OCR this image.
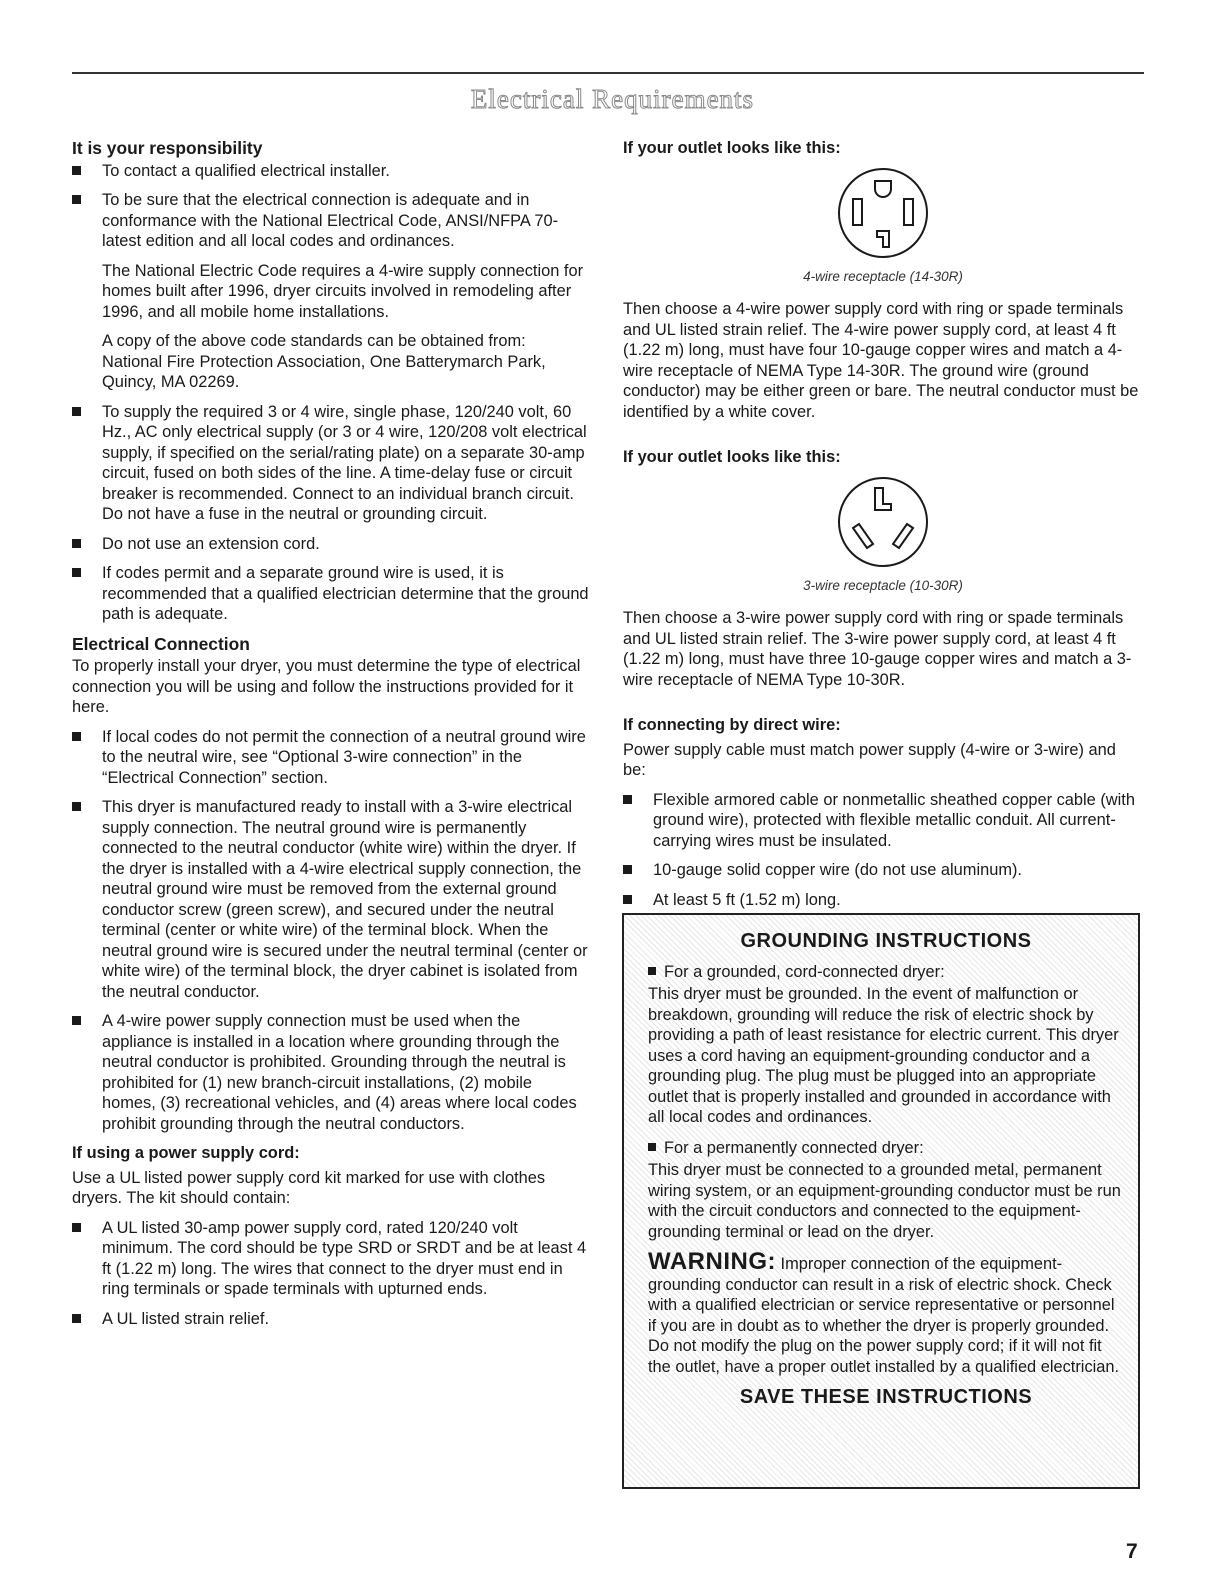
Electrical Requirements
It is your responsibility
To contact a qualified electrical installer.
To be sure that the electrical connection is adequate and in conformance with the National Electrical Code, ANSI/NFPA 70-latest edition and all local codes and ordinances.

The National Electric Code requires a 4-wire supply connection for homes built after 1996, dryer circuits involved in remodeling after 1996, and all mobile home installations.

A copy of the above code standards can be obtained from: National Fire Protection Association, One Batterymarch Park, Quincy, MA 02269.

To supply the required 3 or 4 wire, single phase, 120/240 volt, 60 Hz., AC only electrical supply (or 3 or 4 wire, 120/208 volt electrical supply, if specified on the serial/rating plate) on a separate 30-amp circuit, fused on both sides of the line. A time-delay fuse or circuit breaker is recommended. Connect to an individual branch circuit. Do not have a fuse in the neutral or grounding circuit.
Do not use an extension cord.
If codes permit and a separate ground wire is used, it is recommended that a qualified electrician determine that the ground path is adequate.
Electrical Connection

To properly install your dryer, you must determine the type of electrical connection you will be using and follow the instructions provided for it here.

If local codes do not permit the connection of a neutral ground wire to the neutral wire, see “Optional 3-wire connection” in the “Electrical Connection” section.
This dryer is manufactured ready to install with a 3-wire electrical supply connection. The neutral ground wire is permanently connected to the neutral conductor (white wire) within the dryer. If the dryer is installed with a 4-wire electrical supply connection, the neutral ground wire must be removed from the external ground conductor screw (green screw), and secured under the neutral terminal (center or white wire) of the terminal block. When the neutral ground wire is secured under the neutral terminal (center or white wire) of the terminal block, the dryer cabinet is isolated from the neutral conductor.
A 4-wire power supply connection must be used when the appliance is installed in a location where grounding through the neutral conductor is prohibited. Grounding through the neutral is prohibited for (1) new branch-circuit installations, (2) mobile homes, (3) recreational vehicles, and (4) areas where local codes prohibit grounding through the neutral conductors.
If using a power supply cord:

Use a UL listed power supply cord kit marked for use with clothes dryers. The kit should contain:

A UL listed 30-amp power supply cord, rated 120/240 volt minimum. The cord should be type SRD or SRDT and be at least 4 ft (1.22 m) long. The wires that connect to the dryer must end in ring terminals or spade terminals with upturned ends.
A UL listed strain relief.
If your outlet looks like this:
4-wire receptacle (14-30R)

Then choose a 4-wire power supply cord with ring or spade terminals and UL listed strain relief. The 4-wire power supply cord, at least 4 ft (1.22 m) long, must have four 10-gauge copper wires and match a 4-wire receptacle of NEMA Type 14-30R. The ground wire (ground conductor) may be either green or bare. The neutral conductor must be identified by a white cover.

If your outlet looks like this:
3-wire receptacle (10-30R)

Then choose a 3-wire power supply cord with ring or spade terminals and UL listed strain relief. The 3-wire power supply cord, at least 4 ft (1.22 m) long, must have three 10-gauge copper wires and match a 3-wire receptacle of NEMA Type 10-30R.

If connecting by direct wire:

Power supply cable must match power supply (4-wire or 3-wire) and be:

Flexible armored cable or nonmetallic sheathed copper cable (with ground wire), protected with flexible metallic conduit. All current-carrying wires must be insulated.
10-gauge solid copper wire (do not use aluminum).
At least 5 ft (1.52 m) long.
GROUNDING INSTRUCTIONS
For a grounded, cord-connected dryer:
This dryer must be grounded. In the event of malfunction or breakdown, grounding will reduce the risk of electric shock by providing a path of least resistance for electric current. This dryer uses a cord having an equipment-grounding conductor and a grounding plug. The plug must be plugged into an appropriate outlet that is properly installed and grounded in accordance with all local codes and ordinances.
For a permanently connected dryer:
This dryer must be connected to a grounded metal, permanent wiring system, or an equipment-grounding conductor must be run with the circuit conductors and connected to the equipment-grounding terminal or lead on the dryer.
WARNING: Improper connection of the equipment-grounding conductor can result in a risk of electric shock. Check with a qualified electrician or service representative or personnel if you are in doubt as to whether the dryer is properly grounded. Do not modify the plug on the power supply cord; if it will not fit the outlet, have a proper outlet installed by a qualified electrician.
SAVE THESE INSTRUCTIONS
7
